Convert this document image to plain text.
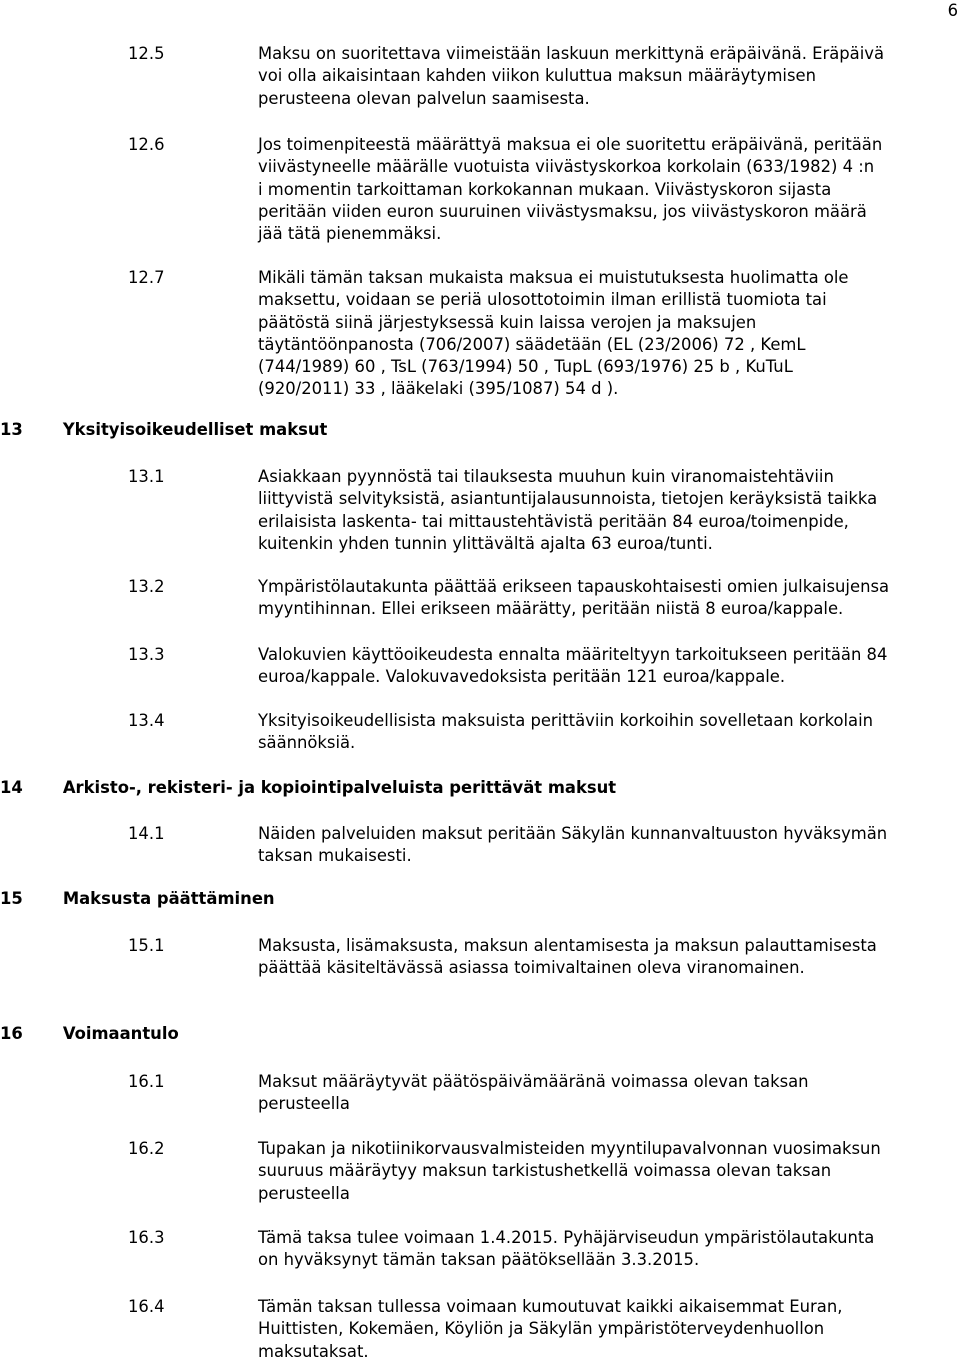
6
12.5	Maksu on suoritettava viimeistään laskuun merkittynä eräpäivänä. Eräpäivä
voi olla aikaisintaan kahden viikon kuluttua maksun määräytymisen
perusteena olevan palvelun saamisesta.
12.6	Jos toimenpiteestä määrättyä maksua ei ole suoritettu eräpäivänä, peritään
viivästyneelle määrälle vuotuista viivästyskorkoa korkolain (633/1982) 4 :n
i momentin tarkoittaman korkokannan mukaan. Viivästyskoron sijasta
peritään viiden euron suuruinen viivästysmaksu, jos viivästyskoron määrä
jää tätä pienemmäksi.
12.7	Mikäli tämän taksan mukaista maksua ei muistutuksesta huolimatta ole
maksettu, voidaan se periä ulosottotoimin ilman erillistä tuomiota tai
päätöstä siinä järjestyksessä kuin laissa verojen ja maksujen
täytäntöönpanosta (706/2007) säädetään (EL (23/2006) 72 , KemL
(744/1989) 60 , TsL (763/1994) 50 , TupL (693/1976) 25 b , KuTuL
(920/2011) 33 , lääkelaki (395/1087) 54 d ).
13 Yksityisoikeudelliset maksut
13.1	Asiakkaan pyynnöstä tai tilauksesta muuhun kuin viranomaistehtäviin
liittyvistä selvityksistä, asiantuntijalausunnoista, tietojen keräyksistä taikka
erilaisista laskenta- tai mittaustehtävistä peritään 84 euroa/toimenpide,
kuitenkin yhden tunnin ylittävältä ajalta 63 euroa/tunti.
13.2	Ympäristölautakunta päättää erikseen tapauskohtaisesti omien julkaisujensa
myyntihinnan. Ellei erikseen määrätty, peritään niistä 8 euroa/kappale.
13.3	Valokuvien käyttöoikeudesta ennalta määriteltyyn tarkoitukseen peritään 84
euroa/kappale. Valokuvavedoksista peritään 121 euroa/kappale.
13.4	Yksityisoikeudellisista maksuista perittäviin korkoihin sovelletaan korkolain
säännöksiä.
14 Arkisto-, rekisteri- ja kopiointipalveluista perittävät maksut
14.1	Näiden palveluiden maksut peritään Säkylän kunnanvaltuuston hyväksymän
taksan mukaisesti.
15 Maksusta päättäminen
15.1	Maksusta, lisämaksusta, maksun alentamisesta ja maksun palauttamisesta
päättää käsiteltävässä asiassa toimivaltainen oleva viranomainen.
16 Voimaantulo
16.1	Maksut määräytyvät päätöspäivämääränä voimassa olevan taksan
perusteella
16.2	Tupakan ja nikotiinikorvausvalmisteiden myyntilupavalvonnan vuosimaksun
suuruus määräytyy maksun tarkistushetkellä voimassa olevan taksan
perusteella
16.3	Tämä taksa tulee voimaan 1.4.2015. Pyhäjärviseudun ympäristölautakunta
on hyväksynyt tämän taksan päätöksellään 3.3.2015.
16.4	Tämän taksan tullessa voimaan kumoutuvat kaikki aikaisemmat Euran,
Huittisten, Kokemäen, Köyliön ja Säkylän ympäristöterveydenhuollon
maksutaksat.
